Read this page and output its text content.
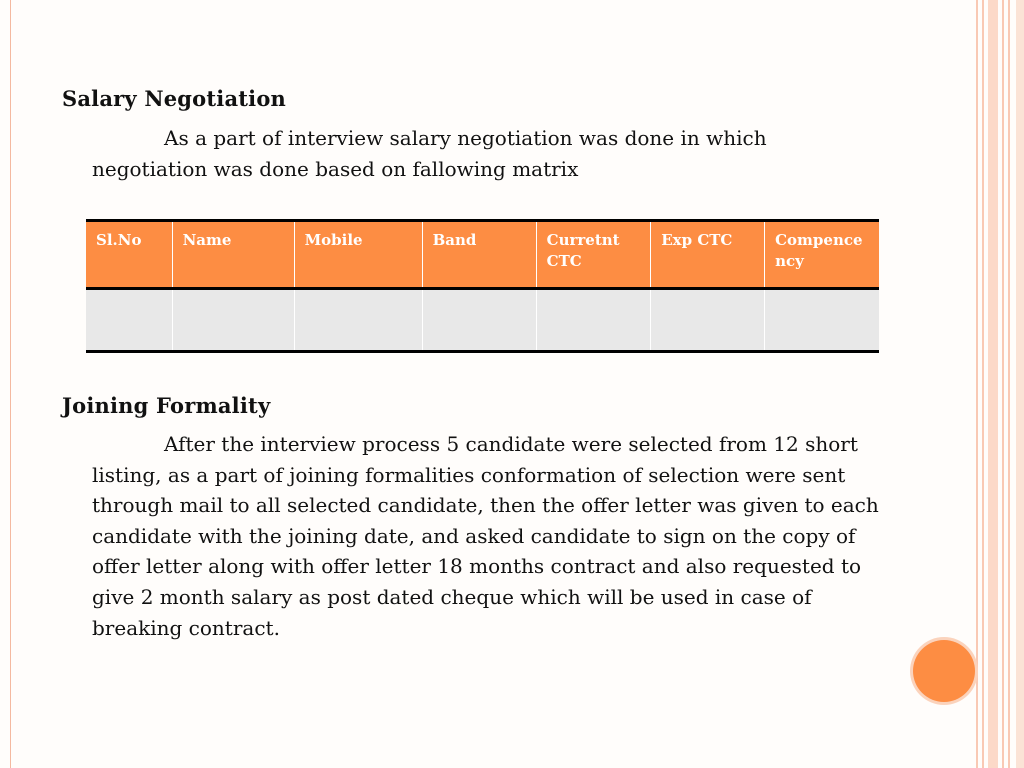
Salary Negotiation

As a part of interview salary negotiation was done in which negotiation was done based on fallowing matrix

Sl.No	Name	Mobile	Band	Curretnt CTC	Exp CTC	Compence ncy

Joining Formality

After the interview process 5 candidate were selected from 12 short listing, as a part of joining formalities conformation of selection were sent through mail to all selected candidate, then the offer letter was given to each candidate with the joining date, and asked candidate to sign on the copy of offer letter along with offer letter 18 months contract and also requested to give 2 month salary as post dated cheque which will be used in case of breaking contract.
